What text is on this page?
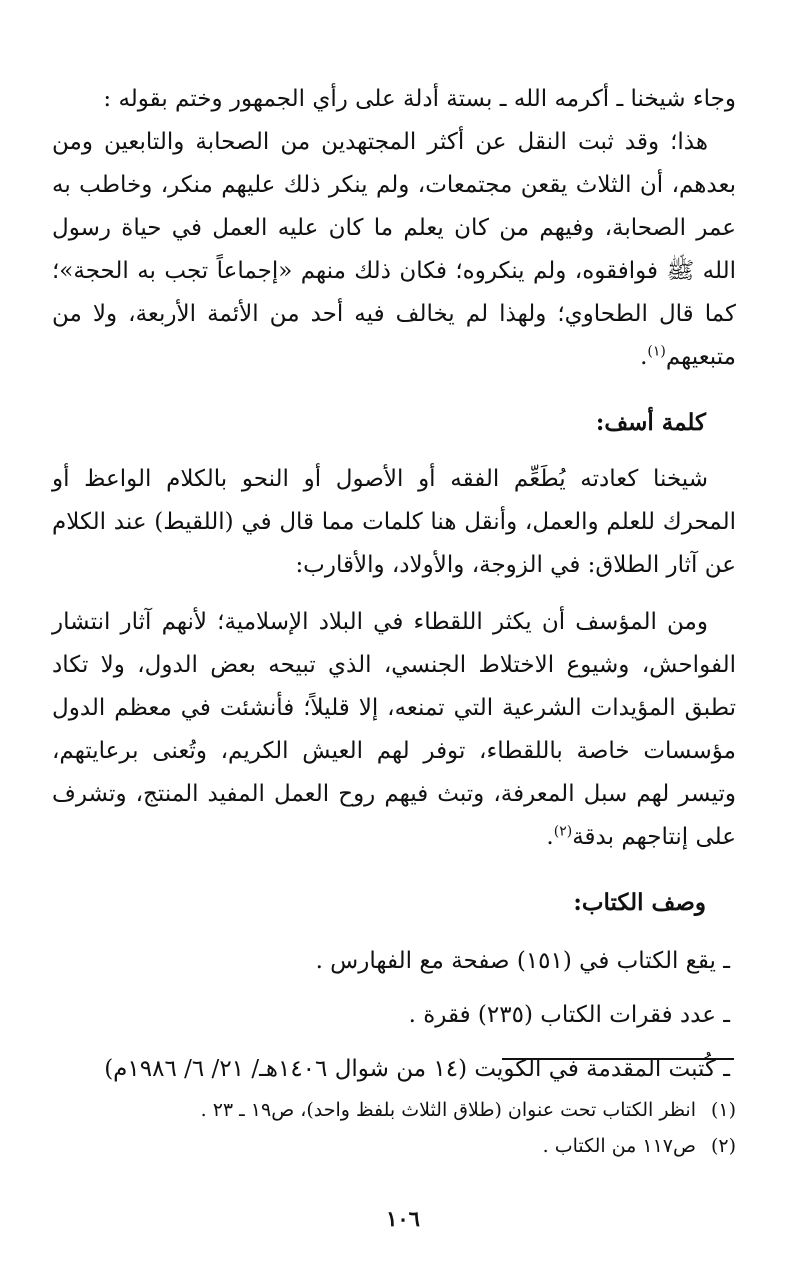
وجاء شيخنا ـ أكرمه الله ـ بستة أدلة على رأي الجمهور وختم بقوله :

هذا؛ وقد ثبت النقل عن أكثر المجتهدين من الصحابة والتابعين ومن بعدهم، أن الثلاث يقعن مجتمعات، ولم ينكر ذلك عليهم منكر، وخاطب به عمر الصحابة، وفيهم من كان يعلم ما كان عليه العمل في حياة رسول الله ﷺ فوافقوه، ولم ينكروه؛ فكان ذلك منهم «إجماعاً تجب به الحجة»؛ كما قال الطحاوي؛ ولهذا لم يخالف فيه أحد من الأئمة الأربعة، ولا من متبعيهم$^{(١)}$.

كلمة أسف:

شيخنا كعادته يُطَعِّم الفقه أو الأصول أو النحو بالكلام الواعظ أو المحرك للعلم والعمل، وأنقل هنا كلمات مما قال في (اللقيط) عند الكلام عن آثار الطلاق: في الزوجة، والأولاد، والأقارب:

ومن المؤسف أن يكثر اللقطاء في البلاد الإسلامية؛ لأنهم آثار انتشار الفواحش، وشيوع الاختلاط الجنسي، الذي تبيحه بعض الدول، ولا تكاد تطبق المؤيدات الشرعية التي تمنعه، إلا قليلاً؛ فأنشئت في معظم الدول مؤسسات خاصة باللقطاء، توفر لهم العيش الكريم، وتُعنى برعايتهم، وتيسر لهم سبل المعرفة، وتبث فيهم روح العمل المفيد المنتج، وتشرف على إنتاجهم بدقة$^{(٢)}$.

وصف الكتاب:

ـ يقع الكتاب في (١٥١) صفحة مع الفهارس .
ـ عدد فقرات الكتاب (٢٣٥) فقرة .
ـ كُتبت المقدمة في الكويت (١٤ من شوال ١٤٠٦هـ/ ٢١/ ٦/ ١٩٨٦م)
(١)
انظر الكتاب تحت عنوان (طلاق الثلاث بلفظ واحد)، ص١٩ ـ ٢٣ .
(٢)
ص١١٧ من الكتاب .
١٠٦
